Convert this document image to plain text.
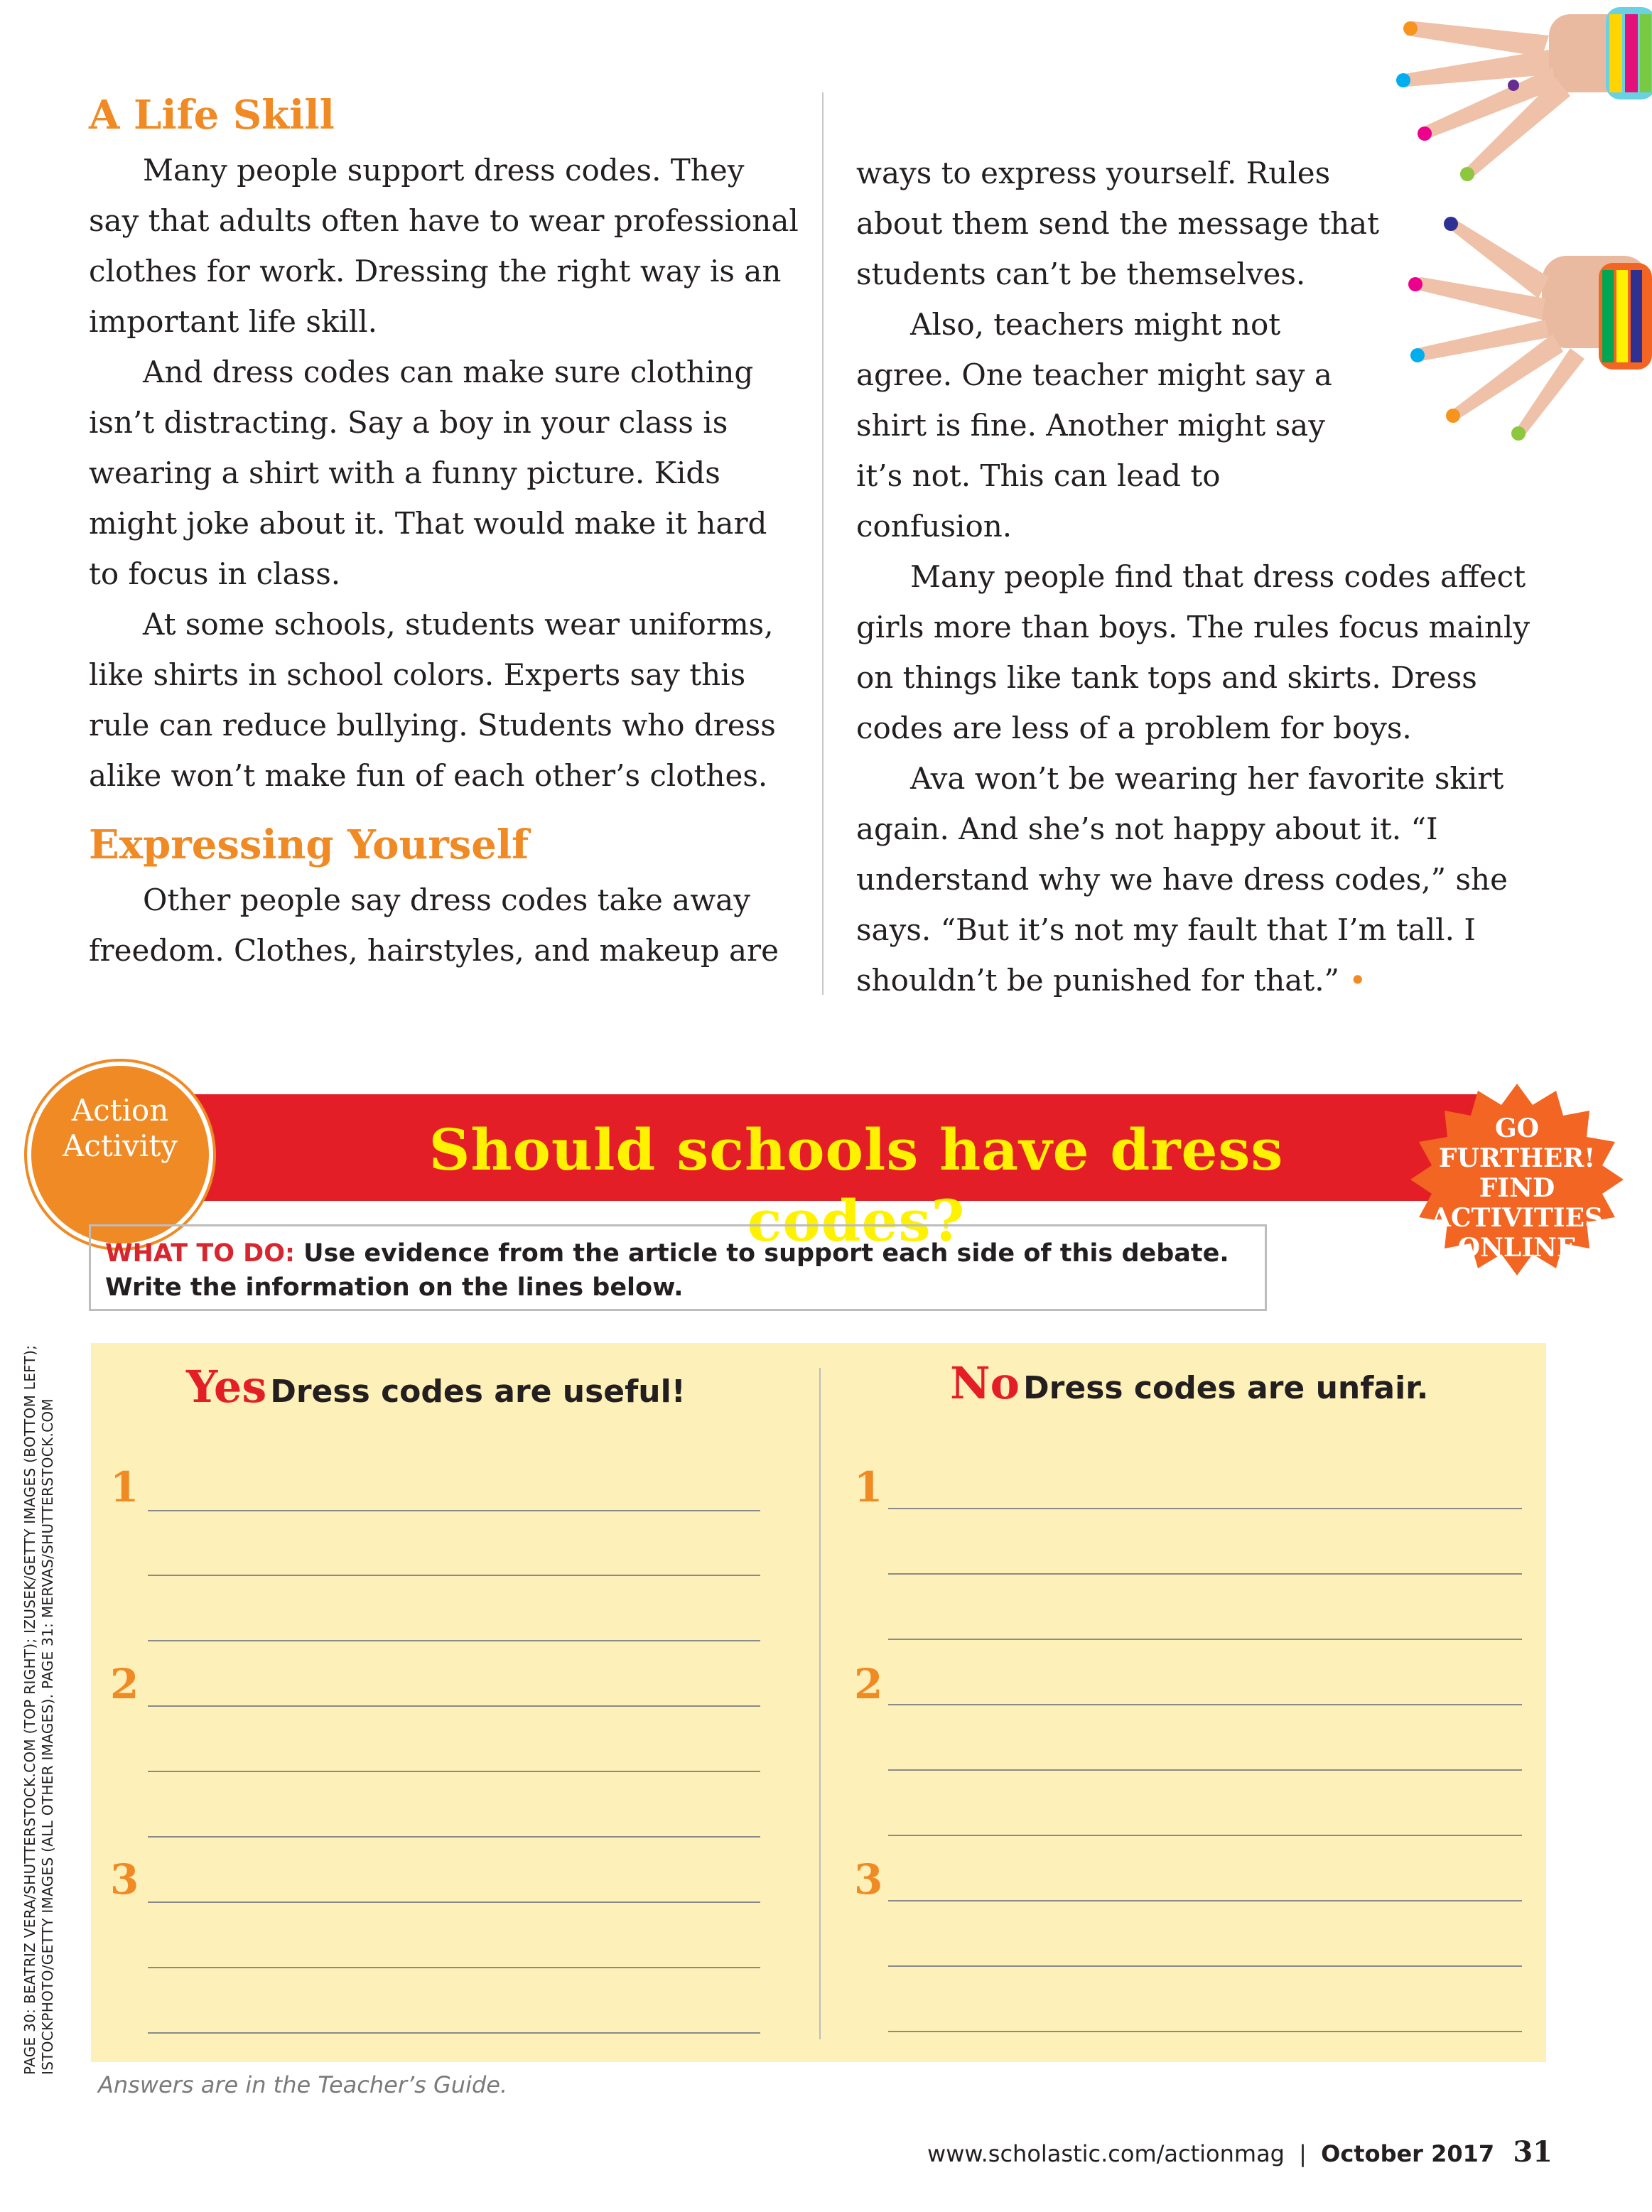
A Life Skill

Many people support dress codes. They say that adults often have to wear professional clothes for work. Dressing the right way is an important life skill.

And dress codes can make sure clothing isn’t distracting. Say a boy in your class is wearing a shirt with a funny picture. Kids might joke about it. That would make it hard to focus in class.

At some schools, students wear uniforms, like shirts in school colors. Experts say this rule can reduce bullying. Students who dress alike won’t make fun of each other’s clothes.

Expressing Yourself

Other people say dress codes take away freedom. Clothes, hairstyles, and makeup are

ways to express yourself. Rules about them send the message that students can’t be themselves.

Also, teachers might not agree. One teacher might say a shirt is fine. Another might say it’s not. This can lead to confusion.

Many people find that dress codes affect girls more than boys. The rules focus mainly on things like tank tops and skirts. Dress codes are less of a problem for boys.

Ava won’t be wearing her favorite skirt again. And she’s not happy about it. “I understand why we have dress codes,” she says. “But it’s not my fault that I’m tall. I shouldn’t be punished for that.” •

Should schools have dress codes?
Action
Activity	GO
FURTHER!
FIND
ACTIVITIES
ONLINE
WHAT TO DO: Use evidence from the article to support each side of this debate. Write the information on the lines below.
Yes Dress codes are useful!	No Dress codes are unfair.
1
2
3
1
2
3
PAGE 30: BEATRIZ VERA/SHUTTERSTOCK.COM (TOP RIGHT); IZUSEK/GETTY IMAGES (BOTTOM LEFT); ISTOCKPHOTO/GETTY IMAGES (ALL OTHER IMAGES). PAGE 31: MERVAS/SHUTTERSTOCK.COM
Answers are in the Teacher’s Guide.
www.scholastic.com/actionmag | October 2017 31
